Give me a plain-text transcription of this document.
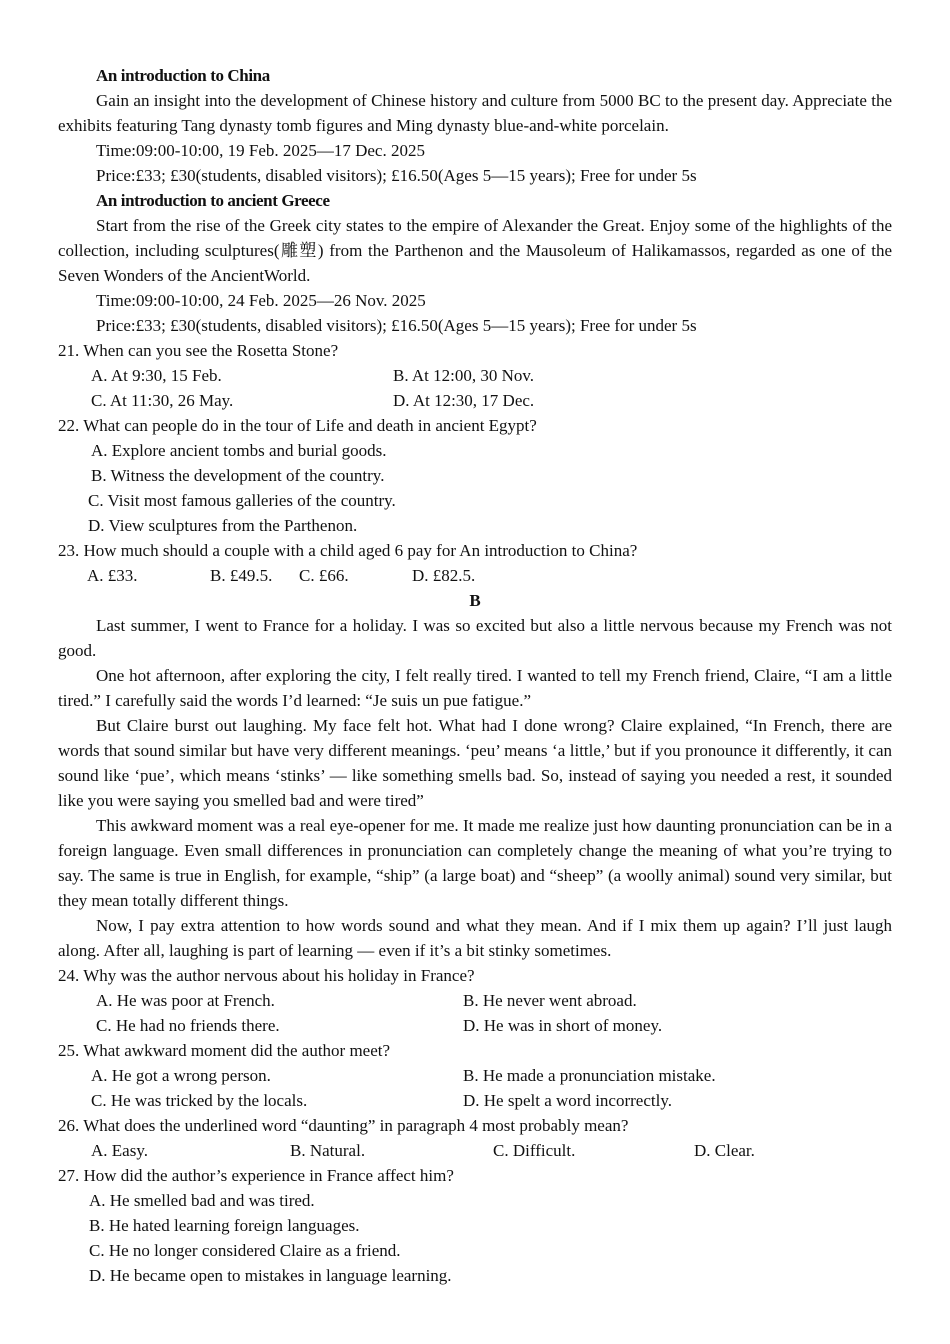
An introduction to China

Gain an insight into the development of Chinese history and culture from 5000 BC to the present day. Appreciate the exhibits featuring Tang dynasty tomb figures and Ming dynasty blue-and-white porcelain.

Time:09:00-10:00, 19 Feb. 2025—17 Dec. 2025
Price:£33; £30(students, disabled visitors); £16.50(Ages 5—15 years); Free for under 5s
An introduction to ancient Greece

Start from the rise of the Greek city states to the empire of Alexander the Great. Enjoy some of the highlights of the collection, including sculptures(雕塑) from the Parthenon and the Mausoleum of Halikamassos, regarded as one of the Seven Wonders of the AncientWorld.

Time:09:00-10:00, 24 Feb. 2025—26 Nov. 2025
Price:£33; £30(students, disabled visitors); £16.50(Ages 5—15 years); Free for under 5s
21. When can you see the Rosetta Stone?
A. At 9:30, 15 Feb.	B. At 12:00, 30 Nov.
C. At 11:30, 26 May.	D. At 12:30, 17 Dec.
22. What can people do in the tour of Life and death in ancient Egypt?
A. Explore ancient tombs and burial goods.
B. Witness the development of the country.
C. Visit most famous galleries of the country.
D. View sculptures from the Parthenon.
23. How much should a couple with a child aged 6 pay for An introduction to China?
A. £33.	B. £49.5. C. £66.	D. £82.5.
B

Last summer, I went to France for a holiday. I was so excited but also a little nervous because my French was not good.

One hot afternoon, after exploring the city, I felt really tired. I wanted to tell my French friend, Claire, “I am a little tired.” I carefully said the words I’d learned: “Je suis un pue fatigue.”

But Claire burst out laughing. My face felt hot. What had I done wrong? Claire explained, “In French, there are words that sound similar but have very different meanings. ‘peu’ means ‘a little,’ but if you pronounce it differently, it can sound like ‘pue’, which means ‘stinks’ — like something smells bad. So, instead of saying you needed a rest, it sounded like you were saying you smelled bad and were tired”

This awkward moment was a real eye-opener for me. It made me realize just how daunting pronunciation can be in a foreign language. Even small differences in pronunciation can completely change the meaning of what you’re trying to say. The same is true in English, for example, “ship” (a large boat) and “sheep” (a woolly animal) sound very similar, but they mean totally different things.

Now, I pay extra attention to how words sound and what they mean. And if I mix them up again? I’ll just laugh along. After all, laughing is part of learning — even if it’s a bit stinky sometimes.

24. Why was the author nervous about his holiday in France?
A. He was poor at French.	B. He never went abroad.
C. He had no friends there.	D. He was in short of money.
25. What awkward moment did the author meet?
A. He got a wrong person.	B. He made a pronunciation mistake.
C. He was tricked by the locals.	D. He spelt a word incorrectly.
26. What does the underlined word “daunting” in paragraph 4 most probably mean?
A. Easy.	B. Natural.	C. Difficult.	D. Clear.
27. How did the author’s experience in France affect him?
A. He smelled bad and was tired.
B. He hated learning foreign languages.
C. He no longer considered Claire as a friend.
D. He became open to mistakes in language learning.
